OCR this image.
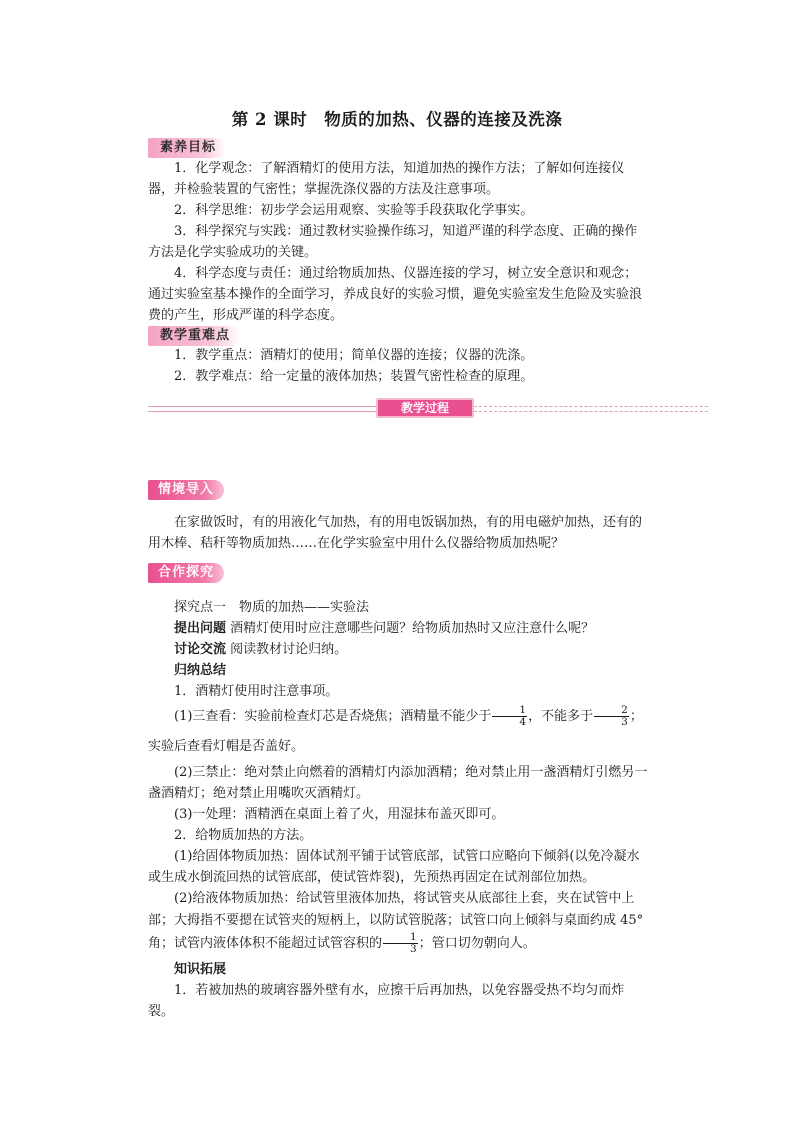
第 2 课时　物质的加热、仪器的连接及洗涤
素养目标

1．化学观念：了解酒精灯的使用方法，知道加热的操作方法；了解如何连接仪器，并检验装置的气密性；掌握洗涤仪器的方法及注意事项。

2．科学思维：初步学会运用观察、实验等手段获取化学事实。

3．科学探究与实践：通过教材实验操作练习，知道严谨的科学态度、正确的操作方法是化学实验成功的关键。

4．科学态度与责任：通过给物质加热、仪器连接的学习，树立安全意识和观念；通过实验室基本操作的全面学习，养成良好的实验习惯，避免实验室发生危险及实验浪费的产生，形成严谨的科学态度。

教学重难点

1．教学重点：酒精灯的使用；简单仪器的连接；仪器的洗涤。

2．教学难点：给一定量的液体加热；装置气密性检查的原理。

教学过程
情境导入

在家做饭时，有的用液化气加热，有的用电饭锅加热，有的用电磁炉加热，还有的用木棒、秸秆等物质加热……在化学实验室中用什么仪器给物质加热呢？

合作探究

探究点一　物质的加热——实验法

提出问题 酒精灯使用时应注意哪些问题？给物质加热时又应注意什么呢？

讨论交流 阅读教材讨论归纳。

归纳总结

1．酒精灯使用时注意事项。

(1)三查看：实验前检查灯芯是否烧焦；酒精量不能少于 $\frac{1}{4}$ ，不能多于 $\frac{2}{3}$ ；实验后查看灯帽是否盖好。

(2)三禁止：绝对禁止向燃着的酒精灯内添加酒精；绝对禁止用一盏酒精灯引燃另一盏酒精灯；绝对禁止用嘴吹灭酒精灯。

(3)一处理：酒精洒在桌面上着了火，用湿抹布盖灭即可。

2．给物质加热的方法。

(1)给固体物质加热：固体试剂平铺于试管底部，试管口应略向下倾斜(以免冷凝水或生成水倒流回热的试管底部，使试管炸裂)，先预热再固定在试剂部位加热。

(2)给液体物质加热：给试管里液体加热，将试管夹从底部往上套，夹在试管中上部；大拇指不要摁在试管夹的短柄上，以防试管脱落；试管口向上倾斜与桌面约成 45°角；试管内液体体积不能超过试管容积的 $\frac{1}{3}$ ；管口切勿朝向人。

知识拓展

1．若被加热的玻璃容器外壁有水，应擦干后再加热，以免容器受热不均匀而炸裂。
